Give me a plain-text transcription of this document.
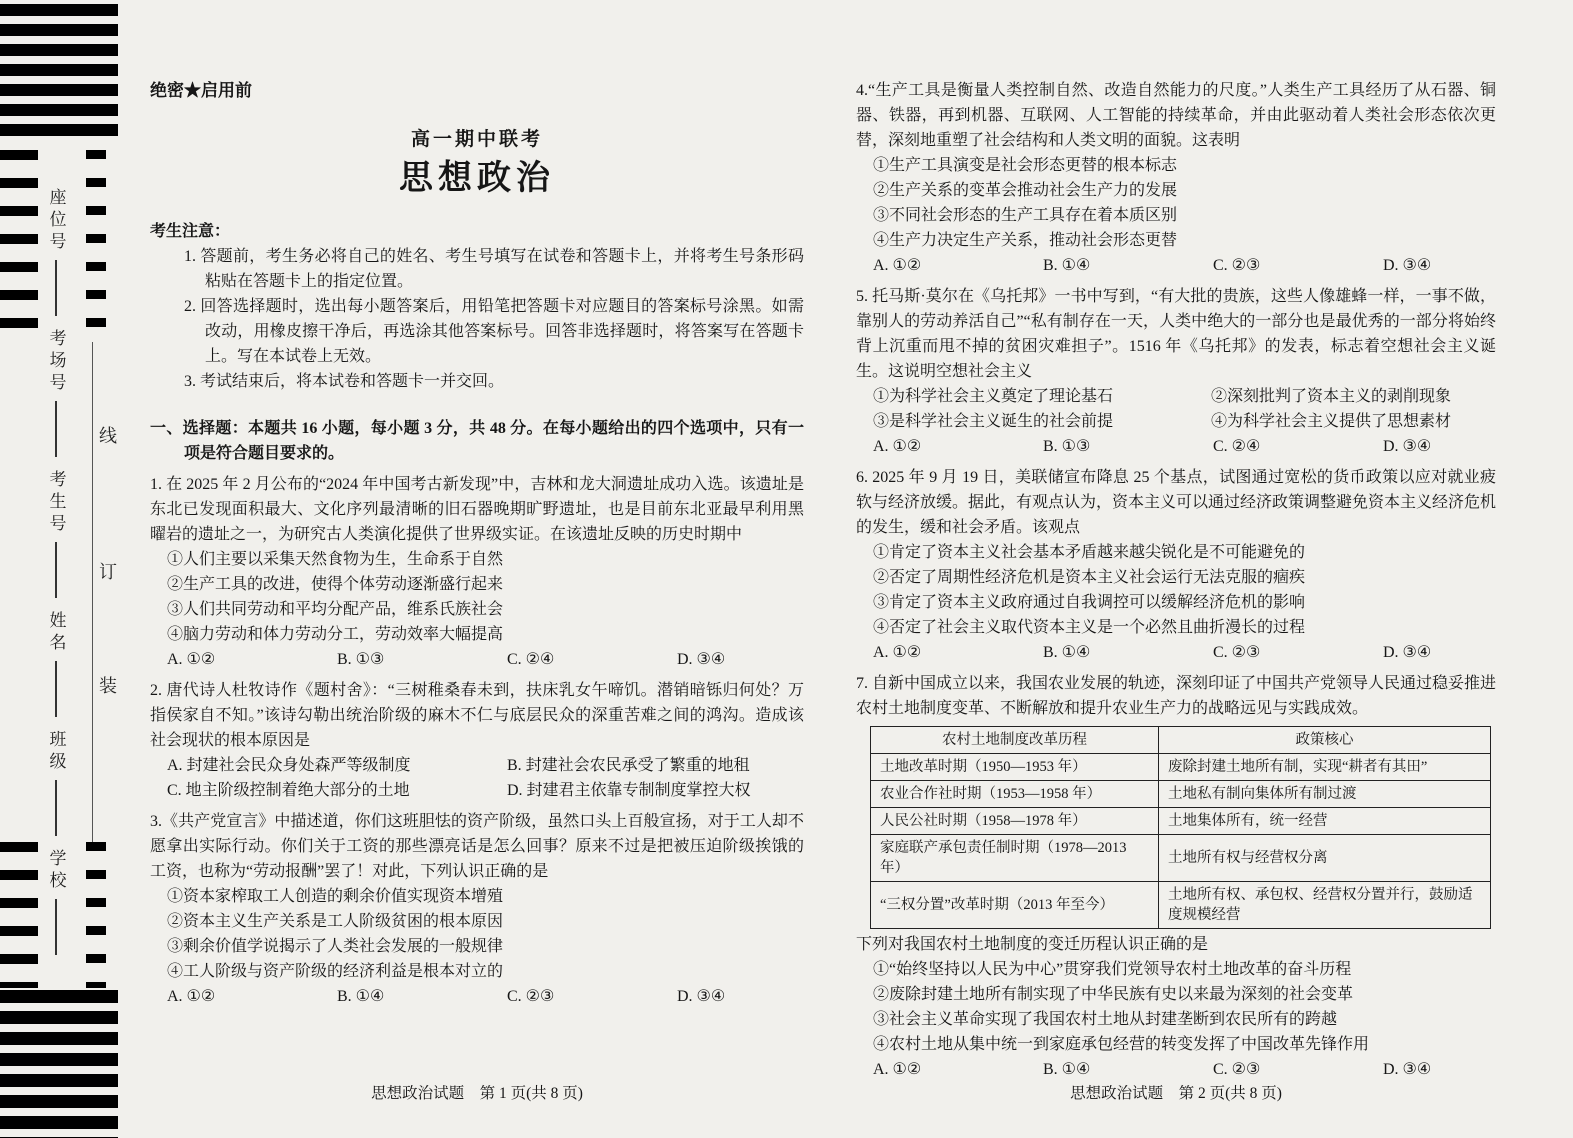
线
订
装
座位号
考场号
考生号
姓名
班级
学校
绝密★启用前
高一期中联考
思想政治
考生注意：

1. 答题前，考生务必将自己的姓名、考生号填写在试卷和答题卡上，并将考生号条形码粘贴在答题卡上的指定位置。

2. 回答选择题时，选出每小题答案后，用铅笔把答题卡对应题目的答案标号涂黑。如需改动，用橡皮擦干净后，再选涂其他答案标号。回答非选择题时，将答案写在答题卡上。写在本试卷上无效。

3. 考试结束后，将本试卷和答题卡一并交回。

一、选择题：本题共 16 小题，每小题 3 分，共 48 分。在每小题给出的四个选项中，只有一项是符合题目要求的。

1. 在 2025 年 2 月公布的“2024 年中国考古新发现”中，吉林和龙大洞遗址成功入选。该遗址是东北已发现面积最大、文化序列最清晰的旧石器晚期旷野遗址，也是目前东北亚最早利用黑曜岩的遗址之一，为研究古人类演化提供了世界级实证。在该遗址反映的历史时期中

①人们主要以采集天然食物为生，生命系于自然

②生产工具的改进，使得个体劳动逐渐盛行起来

③人们共同劳动和平均分配产品，维系氏族社会

④脑力劳动和体力劳动分工，劳动效率大幅提高

A. ①②	B. ①③	C. ②④	D. ③④

2. 唐代诗人杜牧诗作《题村舍》：“三树稚桑春未到，扶床乳女午啼饥。潜销暗铄归何处？万指侯家自不知。”该诗勾勒出统治阶级的麻木不仁与底层民众的深重苦难之间的鸿沟。造成该社会现状的根本原因是

A. 封建社会民众身处森严等级制度	B. 封建社会农民承受了繁重的地租
C. 地主阶级控制着绝大部分的土地	D. 封建君主依靠专制制度掌控大权

3.《共产党宣言》中描述道，你们这班胆怯的资产阶级，虽然口头上百般宣扬，对于工人却不愿拿出实际行动。你们关于工资的那些漂亮话是怎么回事？原来不过是把被压迫阶级挨饿的工资，也称为“劳动报酬”罢了！对此，下列认识正确的是

①资本家榨取工人创造的剩余价值实现资本增殖

②资本主义生产关系是工人阶级贫困的根本原因

③剩余价值学说揭示了人类社会发展的一般规律

④工人阶级与资产阶级的经济利益是根本对立的

A. ①②	B. ①④	C. ②③	D. ③④
思想政治试题　第 1 页(共 8 页)

4.“生产工具是衡量人类控制自然、改造自然能力的尺度。”人类生产工具经历了从石器、铜器、铁器，再到机器、互联网、人工智能的持续革命，并由此驱动着人类社会形态依次更替，深刻地重塑了社会结构和人类文明的面貌。这表明

①生产工具演变是社会形态更替的根本标志

②生产关系的变革会推动社会生产力的发展

③不同社会形态的生产工具存在着本质区别

④生产力决定生产关系，推动社会形态更替

A. ①②	B. ①④	C. ②③	D. ③④

5. 托马斯·莫尔在《乌托邦》一书中写到，“有大批的贵族，这些人像雄蜂一样，一事不做，靠别人的劳动养活自己”“私有制存在一天，人类中绝大的一部分也是最优秀的一部分将始终背上沉重而甩不掉的贫困灾难担子”。1516 年《乌托邦》的发表，标志着空想社会主义诞生。这说明空想社会主义

①为科学社会主义奠定了理论基石	②深刻批判了资本主义的剥削现象
③是科学社会主义诞生的社会前提	④为科学社会主义提供了思想素材
A. ①②	B. ①③	C. ②④	D. ③④

6. 2025 年 9 月 19 日，美联储宣布降息 25 个基点，试图通过宽松的货币政策以应对就业疲软与经济放缓。据此，有观点认为，资本主义可以通过经济政策调整避免资本主义经济危机的发生，缓和社会矛盾。该观点

①肯定了资本主义社会基本矛盾越来越尖锐化是不可能避免的

②否定了周期性经济危机是资本主义社会运行无法克服的痼疾

③肯定了资本主义政府通过自我调控可以缓解经济危机的影响

④否定了社会主义取代资本主义是一个必然且曲折漫长的过程

A. ①②	B. ①④	C. ②③	D. ③④

7. 自新中国成立以来，我国农业发展的轨迹，深刻印证了中国共产党领导人民通过稳妥推进农村土地制度变革、不断解放和提升农业生产力的战略远见与实践成效。

农村土地制度改革历程	政策核心
土地改革时期（1950—1953 年）	废除封建土地所有制，实现“耕者有其田”
农业合作社时期（1953—1958 年）	土地私有制向集体所有制过渡
人民公社时期（1958—1978 年）	土地集体所有，统一经营
家庭联产承包责任制时期（1978—2013 年）	土地所有权与经营权分离
“三权分置”改革时期（2013 年至今）	土地所有权、承包权、经营权分置并行，鼓励适度规模经营

下列对我国农村土地制度的变迁历程认识正确的是

①“始终坚持以人民为中心”贯穿我们党领导农村土地改革的奋斗历程

②废除封建土地所有制实现了中华民族有史以来最为深刻的社会变革

③社会主义革命实现了我国农村土地从封建垄断到农民所有的跨越

④农村土地从集中统一到家庭承包经营的转变发挥了中国改革先锋作用

A. ①②	B. ①④	C. ②③	D. ③④
思想政治试题　第 2 页(共 8 页)
